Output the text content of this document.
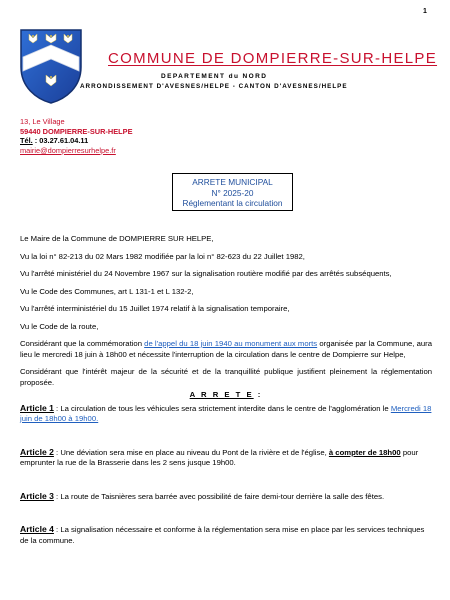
1
COMMUNE DE DOMPIERRE-SUR-HELPE
DEPARTEMENT du NORD
ARRONDISSEMENT D'AVESNES/HELPE - CANTON D'AVESNES/HELPE
13, Le Village
59440 DOMPIERRE-SUR-HELPE
Tél. : 03.27.61.04.11
mairie@dompierresurhelpe.fr
ARRETE MUNICIPAL
N° 2025-20
Réglementant la circulation

Le Maire de la Commune de DOMPIERRE SUR HELPE,

Vu la loi n° 82-213 du 02 Mars 1982 modifiée par la loi n° 82-623 du 22 Juillet 1982,

Vu l'arrêté ministériel du 24 Novembre 1967 sur la signalisation routière modifié par des arrêtés subséquents,

Vu le Code des Communes, art L 131-1 et L 132-2,

Vu l'arrêté interministériel du 15 Juillet 1974 relatif à la signalisation temporaire,

Vu le Code de la route,

Considérant que la commémoration de l'appel du 18 juin 1940 au monument aux morts organisée par la Commune, aura lieu le mercredi 18 juin à 18h00 et nécessite l'interruption de la circulation dans le centre de Dompierre sur Helpe,

Considérant que l'intérêt majeur de la sécurité et de la tranquillité publique justifient pleinement la réglementation proposée.

A R R E T E :

Article 1 : La circulation de tous les véhicules sera strictement interdite dans le centre de l'agglomération le Mercredi 18 juin de 18h00 à 19h00.

Article 2 : Une déviation sera mise en place au niveau du Pont de la rivière et de l'église, à compter de 18h00 pour emprunter la rue de la Brasserie dans les 2 sens jusque 19h00.

Article 3 : La route de Taisnières sera barrée avec possibilité de faire demi-tour derrière la salle des fêtes.

Article 4 : La signalisation nécessaire et conforme à la réglementation sera mise en place par les services techniques de la commune.
